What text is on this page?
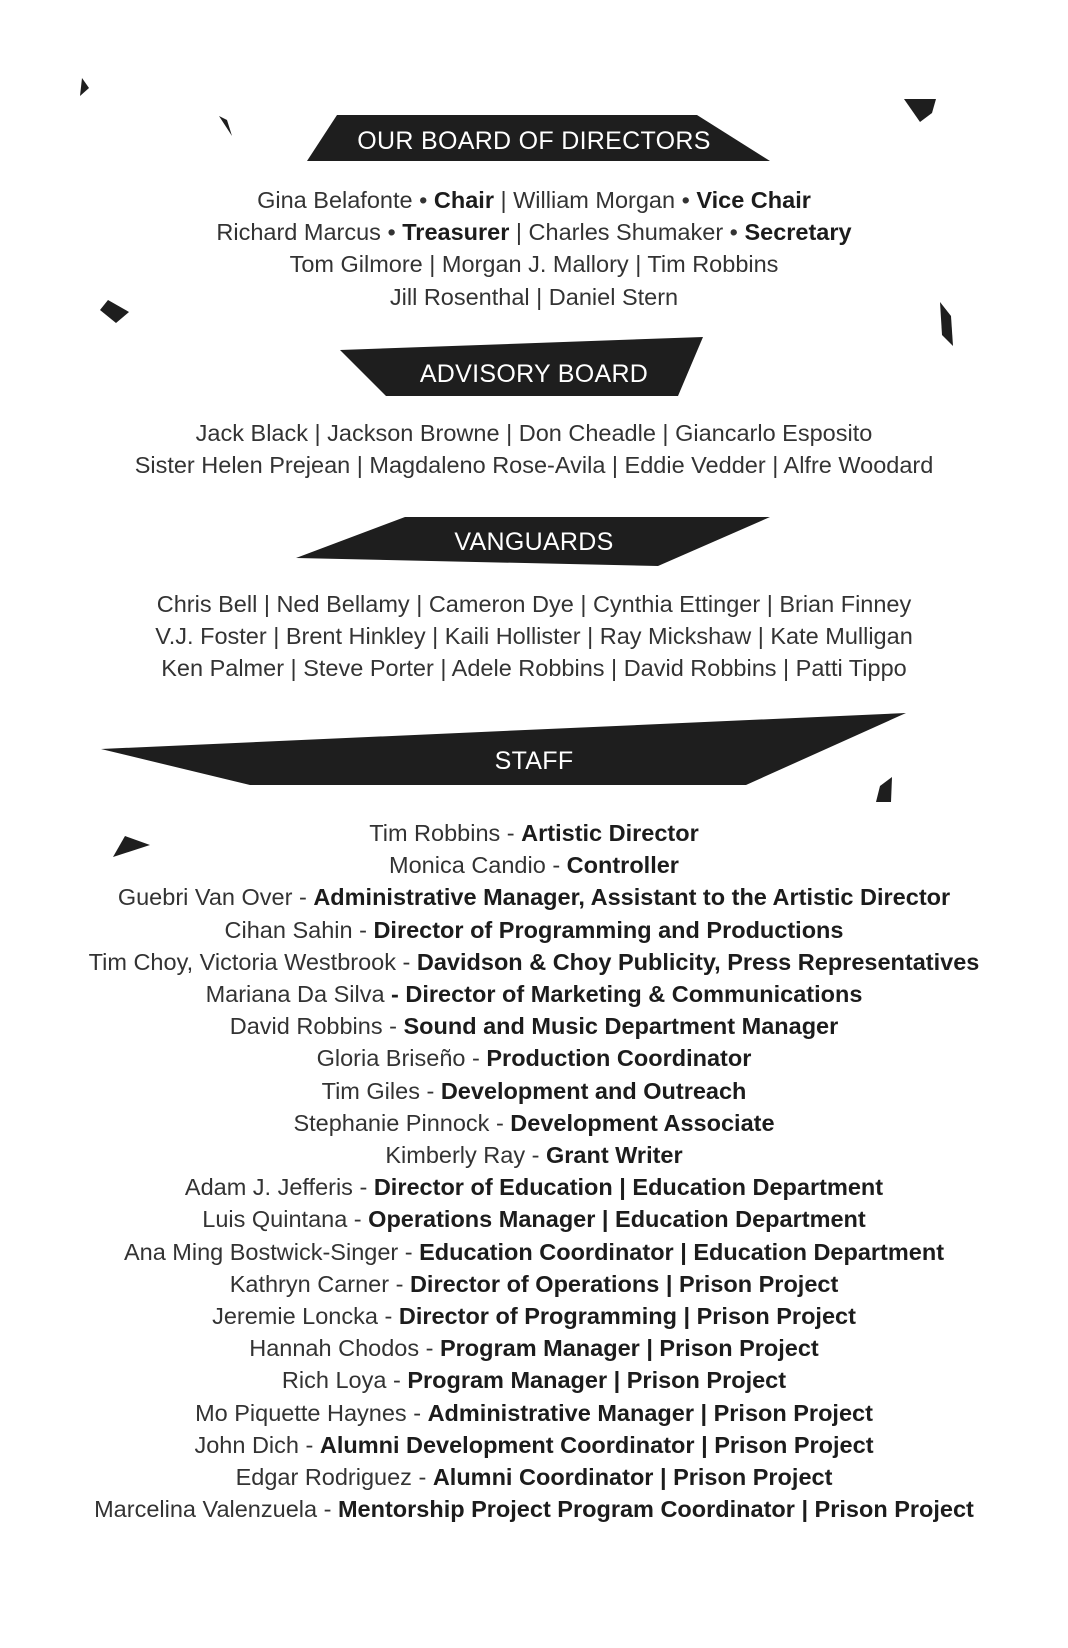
OUR BOARD OF DIRECTORS
ADVISORY BOARD
VANGUARDS
STAFF
Gina Belafonte • Chair | William Morgan • Vice Chair
Richard Marcus • Treasurer | Charles Shumaker • Secretary
Tom Gilmore | Morgan J. Mallory | Tim Robbins
Jill Rosenthal | Daniel Stern
Jack Black | Jackson Browne | Don Cheadle | Giancarlo Esposito
Sister Helen Prejean | Magdaleno Rose-Avila | Eddie Vedder | Alfre Woodard
Chris Bell | Ned Bellamy | Cameron Dye | Cynthia Ettinger | Brian Finney
V.J. Foster | Brent Hinkley | Kaili Hollister | Ray Mickshaw | Kate Mulligan
Ken Palmer | Steve Porter | Adele Robbins | David Robbins | Patti Tippo
Tim Robbins - Artistic Director
Monica Candio - Controller
Guebri Van Over - Administrative Manager, Assistant to the Artistic Director
Cihan Sahin - Director of Programming and Productions
Tim Choy, Victoria Westbrook - Davidson & Choy Publicity, Press Representatives
Mariana Da Silva - Director of Marketing & Communications
David Robbins - Sound and Music Department Manager
Gloria Briseño - Production Coordinator
Tim Giles - Development and Outreach
Stephanie Pinnock - Development Associate
Kimberly Ray - Grant Writer
Adam J. Jefferis - Director of Education | Education Department
Luis Quintana - Operations Manager | Education Department
Ana Ming Bostwick-Singer - Education Coordinator | Education Department
Kathryn Carner - Director of Operations | Prison Project
Jeremie Loncka - Director of Programming | Prison Project
Hannah Chodos - Program Manager | Prison Project
Rich Loya - Program Manager | Prison Project
Mo Piquette Haynes - Administrative Manager | Prison Project
John Dich - Alumni Development Coordinator | Prison Project
Edgar Rodriguez - Alumni Coordinator | Prison Project
Marcelina Valenzuela - Mentorship Project Program Coordinator | Prison Project
